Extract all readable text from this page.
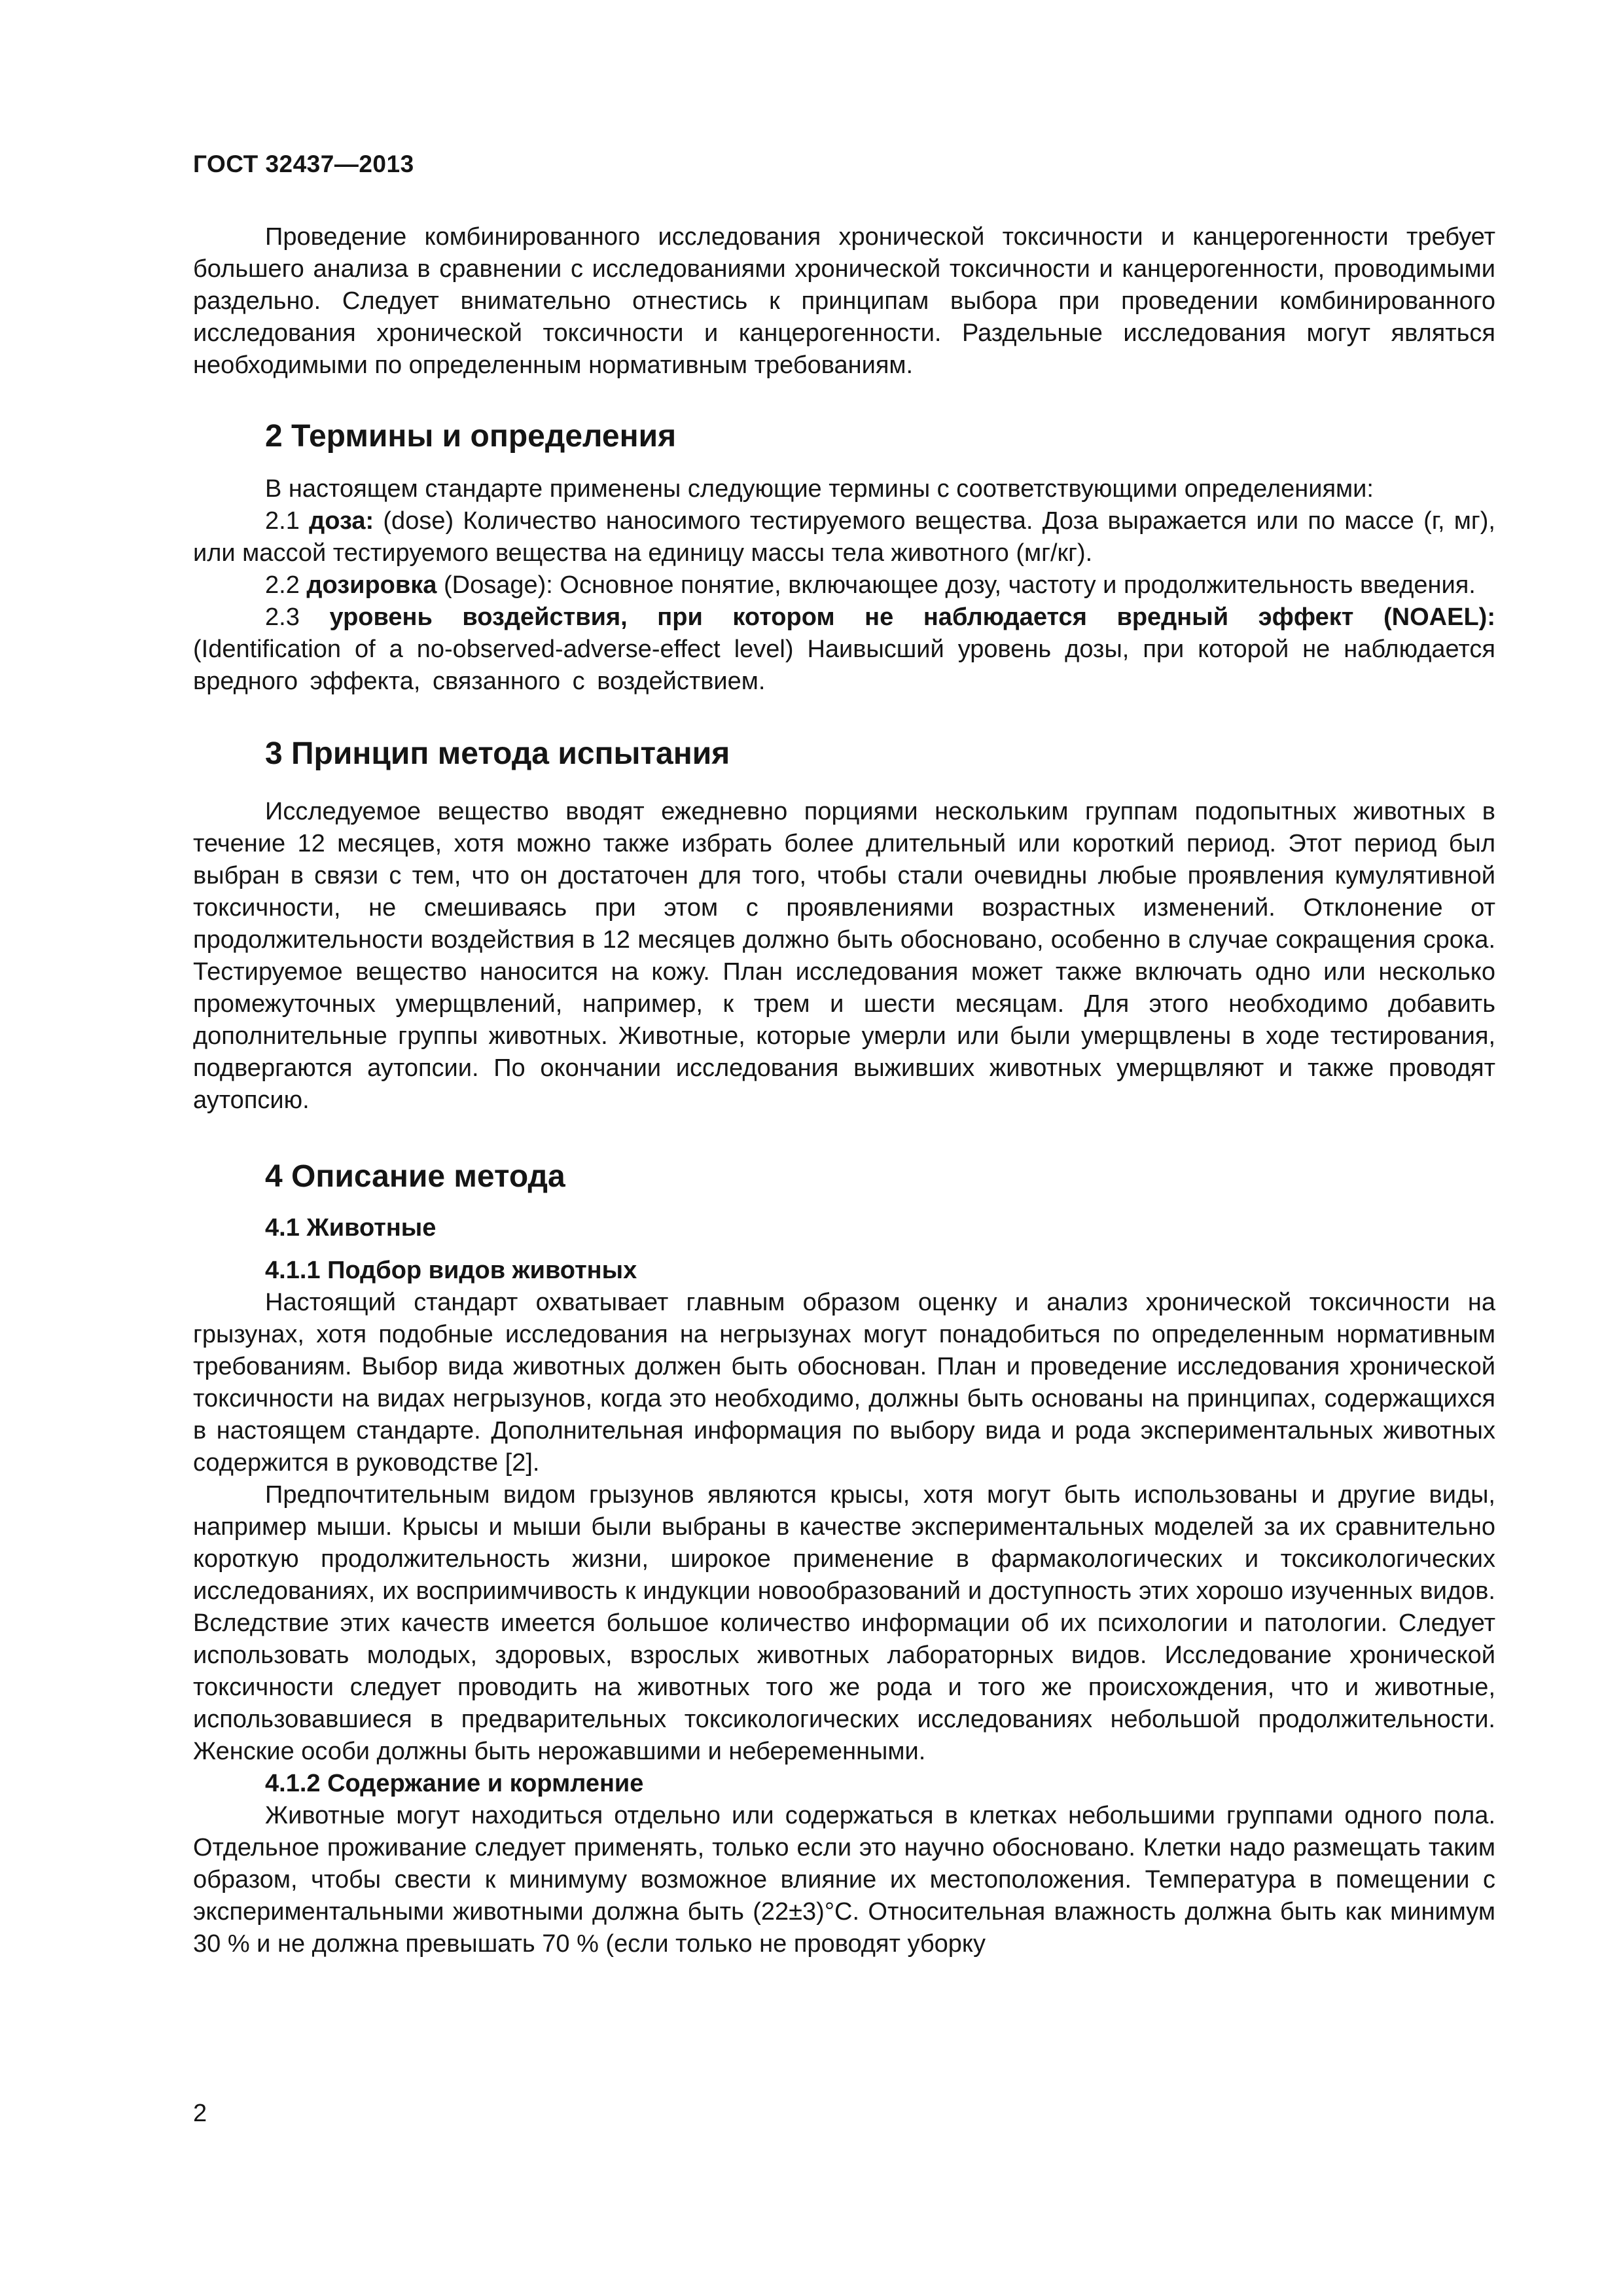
ГОСТ 32437—2013

Проведение комбинированного исследования хронической токсичности и канцерогенности требует большего анализа в сравнении с исследованиями хронической токсичности и канцерогенности, проводимыми раздельно. Следует внимательно отнестись к принципам выбора при проведении комбинированного исследования хронической токсичности и канцерогенности. Раздельные исследования могут являться необходимыми по определенным нормативным требованиям.

2 Термины и определения

В настоящем стандарте применены следующие термины с соответствующими определениями:

2.1 доза: (dose) Количество наносимого тестируемого вещества. Доза выражается или по массе (г, мг), или массой тестируемого вещества на единицу массы тела животного (мг/кг).

2.2 дозировка (Dosage): Основное понятие, включающее дозу, частоту и продолжительность введения.

2.3 уровень воздействия, при котором не наблюдается вредный эффект (NOAEL): (Identification of a no-observed-adverse-effect level) Наивысший уровень дозы, при которой не наблюдается вредного эффекта, связанного с воздействием.

3 Принцип метода испытания

Исследуемое вещество вводят ежедневно порциями нескольким группам подопытных животных в течение 12 месяцев, хотя можно также избрать более длительный или короткий период. Этот период был выбран в связи с тем, что он достаточен для того, чтобы стали очевидны любые проявления кумулятивной токсичности, не смешиваясь при этом с проявлениями возрастных изменений. Отклонение от продолжительности воздействия в 12 месяцев должно быть обосновано, особенно в случае сокращения срока. Тестируемое вещество наносится на кожу. План исследования может также включать одно или несколько промежуточных умерщвлений, например, к трем и шести месяцам. Для этого необходимо добавить дополнительные группы животных. Животные, которые умерли или были умерщвлены в ходе тестирования, подвергаются аутопсии. По окончании исследования выживших животных умерщвляют и также проводят аутопсию.

4 Описание метода
4.1 Животные
4.1.1 Подбор видов животных

Настоящий стандарт охватывает главным образом оценку и анализ хронической токсичности на грызунах, хотя подобные исследования на негрызунах могут понадобиться по определенным нормативным требованиям. Выбор вида животных должен быть обоснован. План и проведение исследования хронической токсичности на видах негрызунов, когда это необходимо, должны быть основаны на принципах, содержащихся в настоящем стандарте. Дополнительная информация по выбору вида и рода экспериментальных животных содержится в руководстве [2].

Предпочтительным видом грызунов являются крысы, хотя могут быть использованы и другие виды, например мыши. Крысы и мыши были выбраны в качестве экспериментальных моделей за их сравнительно короткую продолжительность жизни, широкое применение в фармакологических и токсикологических исследованиях, их восприимчивость к индукции новообразований и доступность этих хорошо изученных видов. Вследствие этих качеств имеется большое количество информации об их психологии и патологии. Следует использовать молодых, здоровых, взрослых животных лабораторных видов. Исследование хронической токсичности следует проводить на животных того же рода и того же происхождения, что и животные, использовавшиеся в предварительных токсикологических исследованиях небольшой продолжительности. Женские особи должны быть нерожавшими и небеременными.

4.1.2 Содержание и кормление

Животные могут находиться отдельно или содержаться в клетках небольшими группами одного пола. Отдельное проживание следует применять, только если это научно обосновано. Клетки надо размещать таким образом, чтобы свести к минимуму возможное влияние их местоположения. Температура в помещении с экспериментальными животными должна быть (22±3)°С. Относительная влажность должна быть как минимум 30 % и не должна превышать 70 % (если только не проводят уборку

2
